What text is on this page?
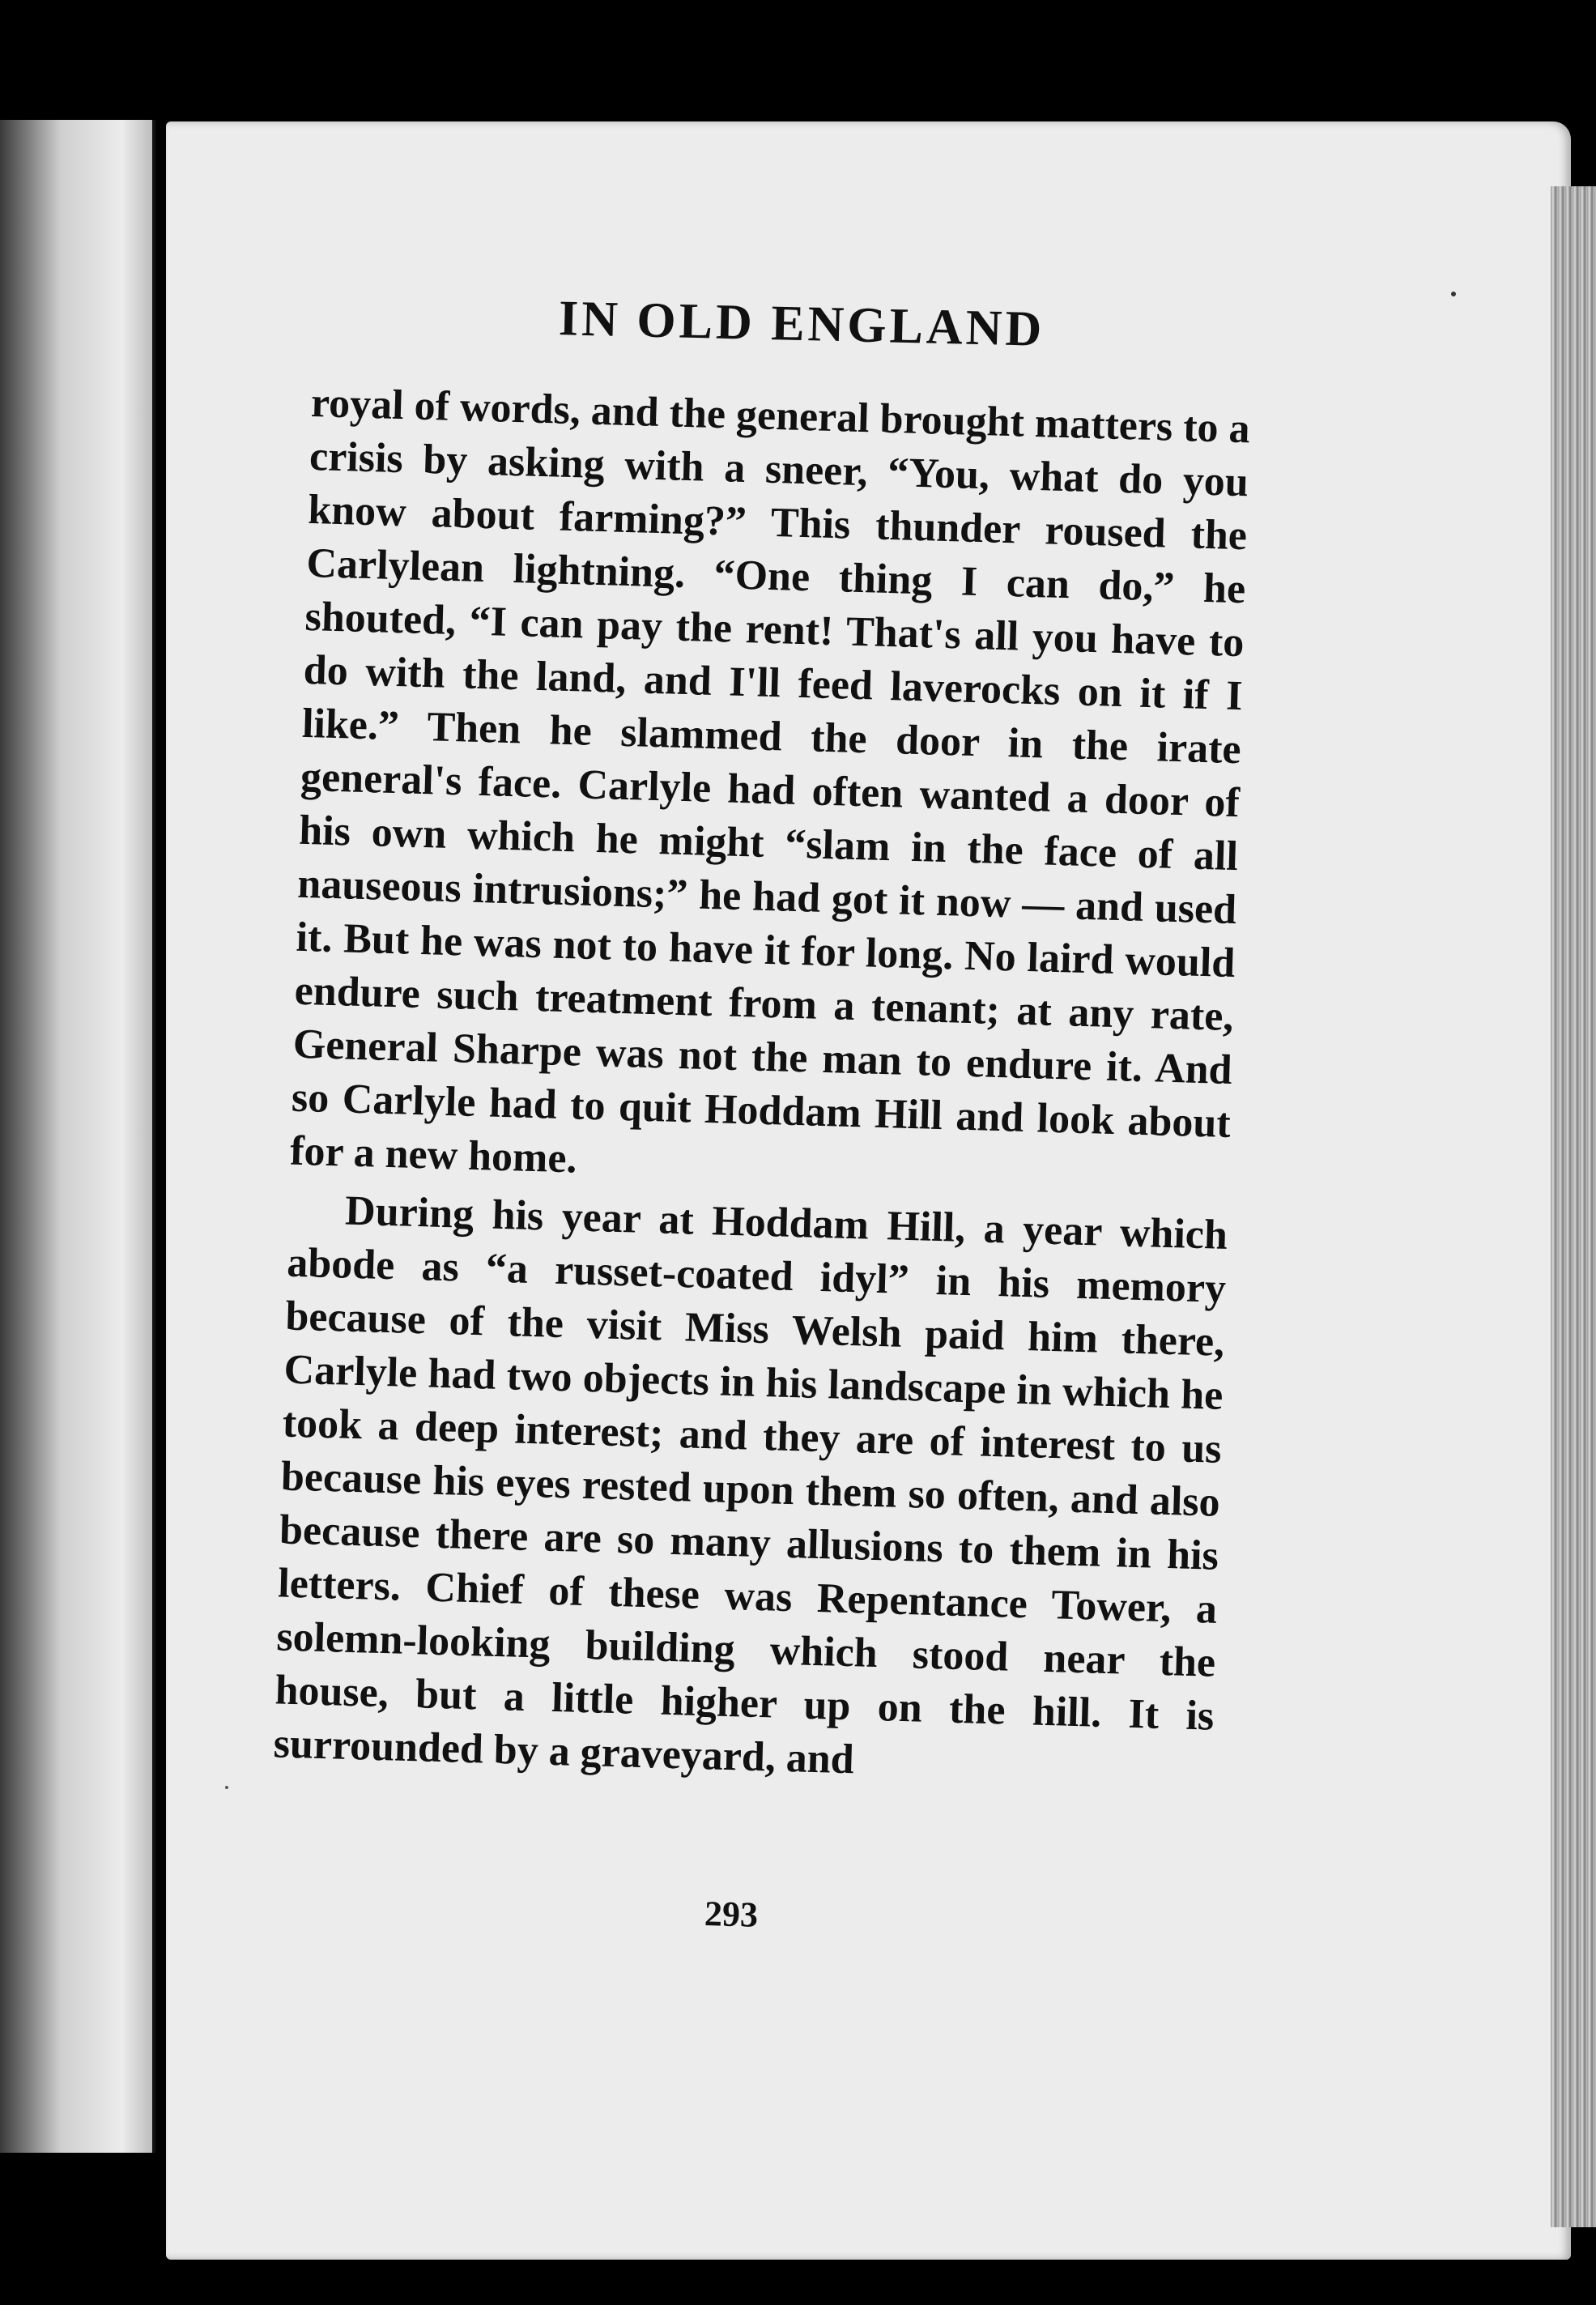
IN OLD ENGLAND

royal of words, and the general brought matters to a crisis by asking with a sneer, “You, what do you know about farming?” This thunder roused the Carlylean lightning. “One thing I can do,” he shouted, “I can pay the rent! That's all you have to do with the land, and I'll feed laverocks on it if I like.” Then he slammed the door in the irate general's face. Carlyle had often wanted a door of his own which he might “slam in the face of all nauseous intrusions;” he had got it now — and used it. But he was not to have it for long. No laird would endure such treatment from a tenant; at any rate, General Sharpe was not the man to endure it. And so Carlyle had to quit Hoddam Hill and look about for a new home.

During his year at Hoddam Hill, a year which abode as “a russet-coated idyl” in his memory because of the visit Miss Welsh paid him there, Carlyle had two objects in his landscape in which he took a deep interest; and they are of interest to us because his eyes rested upon them so often, and also because there are so many allusions to them in his letters. Chief of these was Repentance Tower, a solemn-looking building which stood near the house, but a little higher up on the hill. It is surrounded by a graveyard, and

293
